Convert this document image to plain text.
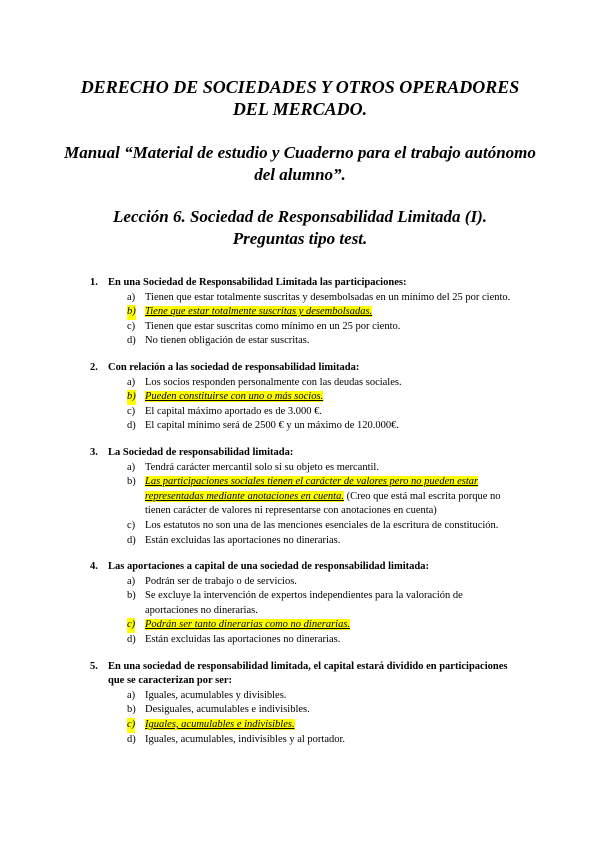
DERECHO DE SOCIEDADES Y OTROS OPERADORES
DEL MERCADO.
Manual “Material de estudio y Cuaderno para el trabajo autónomo
del alumno”.
Lección 6. Sociedad de Responsabilidad Limitada (I).
Preguntas tipo test.
1. En una Sociedad de Responsabilidad Limitada las participaciones:
a) Tienen que estar totalmente suscritas y desembolsadas en un mínimo del 25 por ciento.
b) Tiene que estar totalmente suscritas y desembolsadas.
c) Tienen que estar suscritas como mínimo en un 25 por ciento.
d) No tienen obligación de estar suscritas.
2. Con relación a las sociedad de responsabilidad limitada:
a) Los socios responden personalmente con las deudas sociales.
b) Pueden constituirse con uno o más socios.
c) El capital máximo aportado es de 3.000 €.
d) El capital mínimo será de 2500 € y un máximo de 120.000€.
3. La Sociedad de responsabilidad limitada:
a) Tendrá carácter mercantil solo si su objeto es mercantil.
b) Las participaciones sociales tienen el carácter de valores pero no pueden estar representadas mediante anotaciones en cuenta. (Creo que está mal escrita porque no tienen carácter de valores ni representarse con anotaciones en cuenta)
c) Los estatutos no son una de las menciones esenciales de la escritura de constitución.
d) Están excluidas las aportaciones no dinerarias.
4. Las aportaciones a capital de una sociedad de responsabilidad limitada:
a) Podrán ser de trabajo o de servicios.
b) Se excluye la intervención de expertos independientes para la valoración de aportaciones no dinerarias.
c) Podrán ser tanto dinerarias como no dinerarias.
d) Están excluidas las aportaciones no dinerarias.
5. En una sociedad de responsabilidad limitada, el capital estará dividido en participaciones que se caracterizan por ser:
a) Iguales, acumulables y divisibles.
b) Desiguales, acumulables e indivisibles.
c) Iguales, acumulables e indivisibles.
d) Iguales, acumulables, indivisibles y al portador.
